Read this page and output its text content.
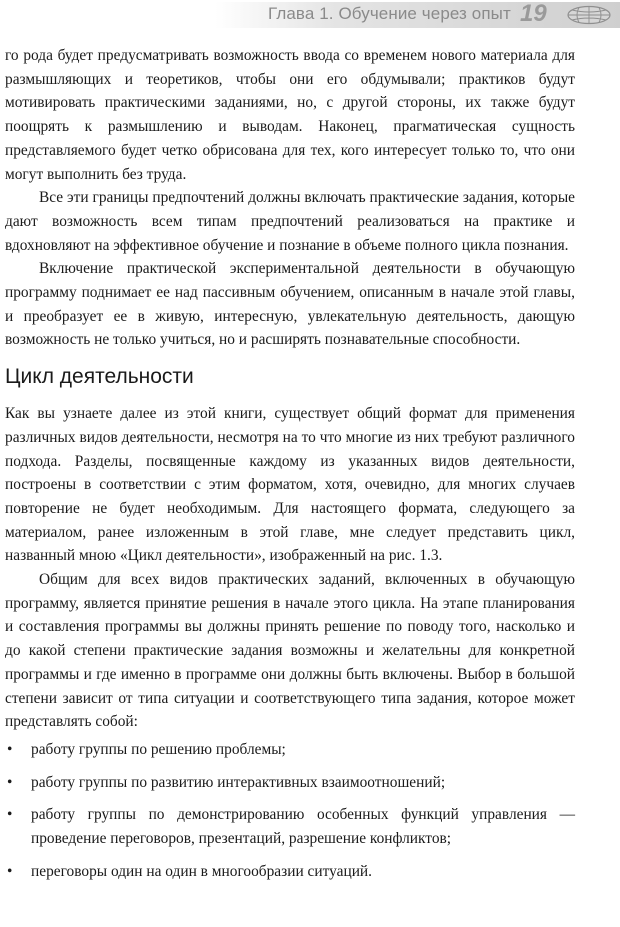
Глава 1. Обучение через опыт 19

го рода будет предусматривать возможность ввода со временем нового материала для размышляющих и теоретиков, чтобы они его обдумывали; практиков будут мотивировать практическими заданиями, но, с другой стороны, их также будут поощрять к размышлению и выводам. Наконец, прагматическая сущность представляемого будет четко обрисована для тех, кого интересует только то, что они могут выполнить без труда.

Все эти границы предпочтений должны включать практические задания, которые дают возможность всем типам предпочтений реализоваться на практике и вдохновляют на эффективное обучение и познание в объеме полного цикла познания.

Включение практической экспериментальной деятельности в обучающую программу поднимает ее над пассивным обучением, описанным в начале этой главы, и преобразует ее в живую, интересную, увлекательную деятельность, дающую возможность не только учиться, но и расширять познавательные способности.

Цикл деятельности

Как вы узнаете далее из этой книги, существует общий формат для применения различных видов деятельности, несмотря на то что многие из них требуют различного подхода. Разделы, посвященные каждому из указанных видов деятельности, построены в соответствии с этим форматом, хотя, очевидно, для многих случаев повторение не будет необходимым. Для настоящего формата, следующего за материалом, ранее изложенным в этой главе, мне следует представить цикл, названный мною «Цикл деятельности», изображенный на рис. 1.3.

Общим для всех видов практических заданий, включенных в обучающую программу, является принятие решения в начале этого цикла. На этапе планирования и составления программы вы должны принять решение по поводу того, насколько и до какой степени практические задания возможны и желательны для конкретной программы и где именно в программе они должны быть включены. Выбор в большой степени зависит от типа ситуации и соответствующего типа задания, которое может представлять собой:

• работу группы по решению проблемы;
• работу группы по развитию интерактивных взаимоотношений;
• работу группы по демонстрированию особенных функций управления — проведение переговоров, презентаций, разрешение конфликтов;
• переговоры один на один в многообразии ситуаций.
